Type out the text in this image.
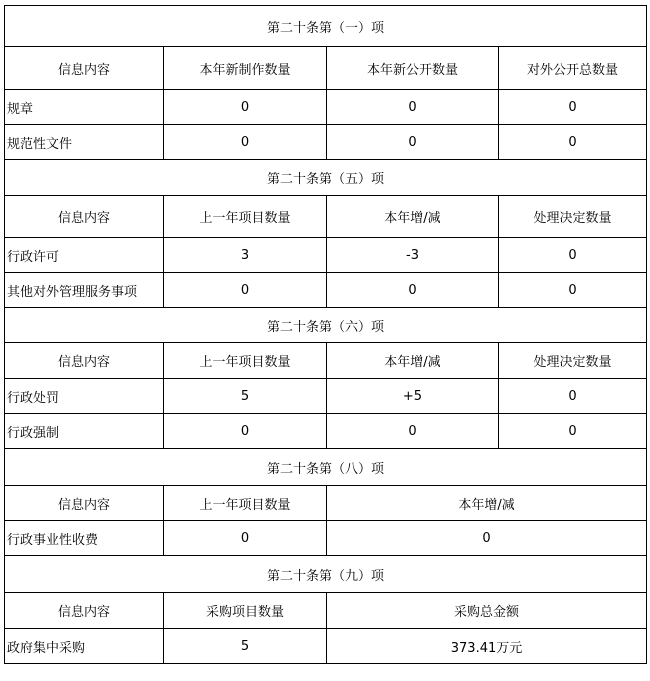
第二十条第（一）项			
信息内容	本年新制作数量	本年新公开数量	对外公开总数量
规章	0	0	0
规范性文件	0	0	0
第二十条第（五）项			
信息内容	上一年项目数量	本年增/减	处理决定数量
行政许可	3	-3	0
其他对外管理服务事项	0	0	0
第二十条第（六）项			
信息内容	上一年项目数量	本年增/减	处理决定数量
行政处罚	5	+5	0
行政强制	0	0	0
第二十条第（八）项			
信息内容	上一年项目数量	本年增/减	
行政事业性收费	0	0	
第二十条第（九）项			
信息内容	采购项目数量	采购总金额	
政府集中采购	5	373.41万元	
